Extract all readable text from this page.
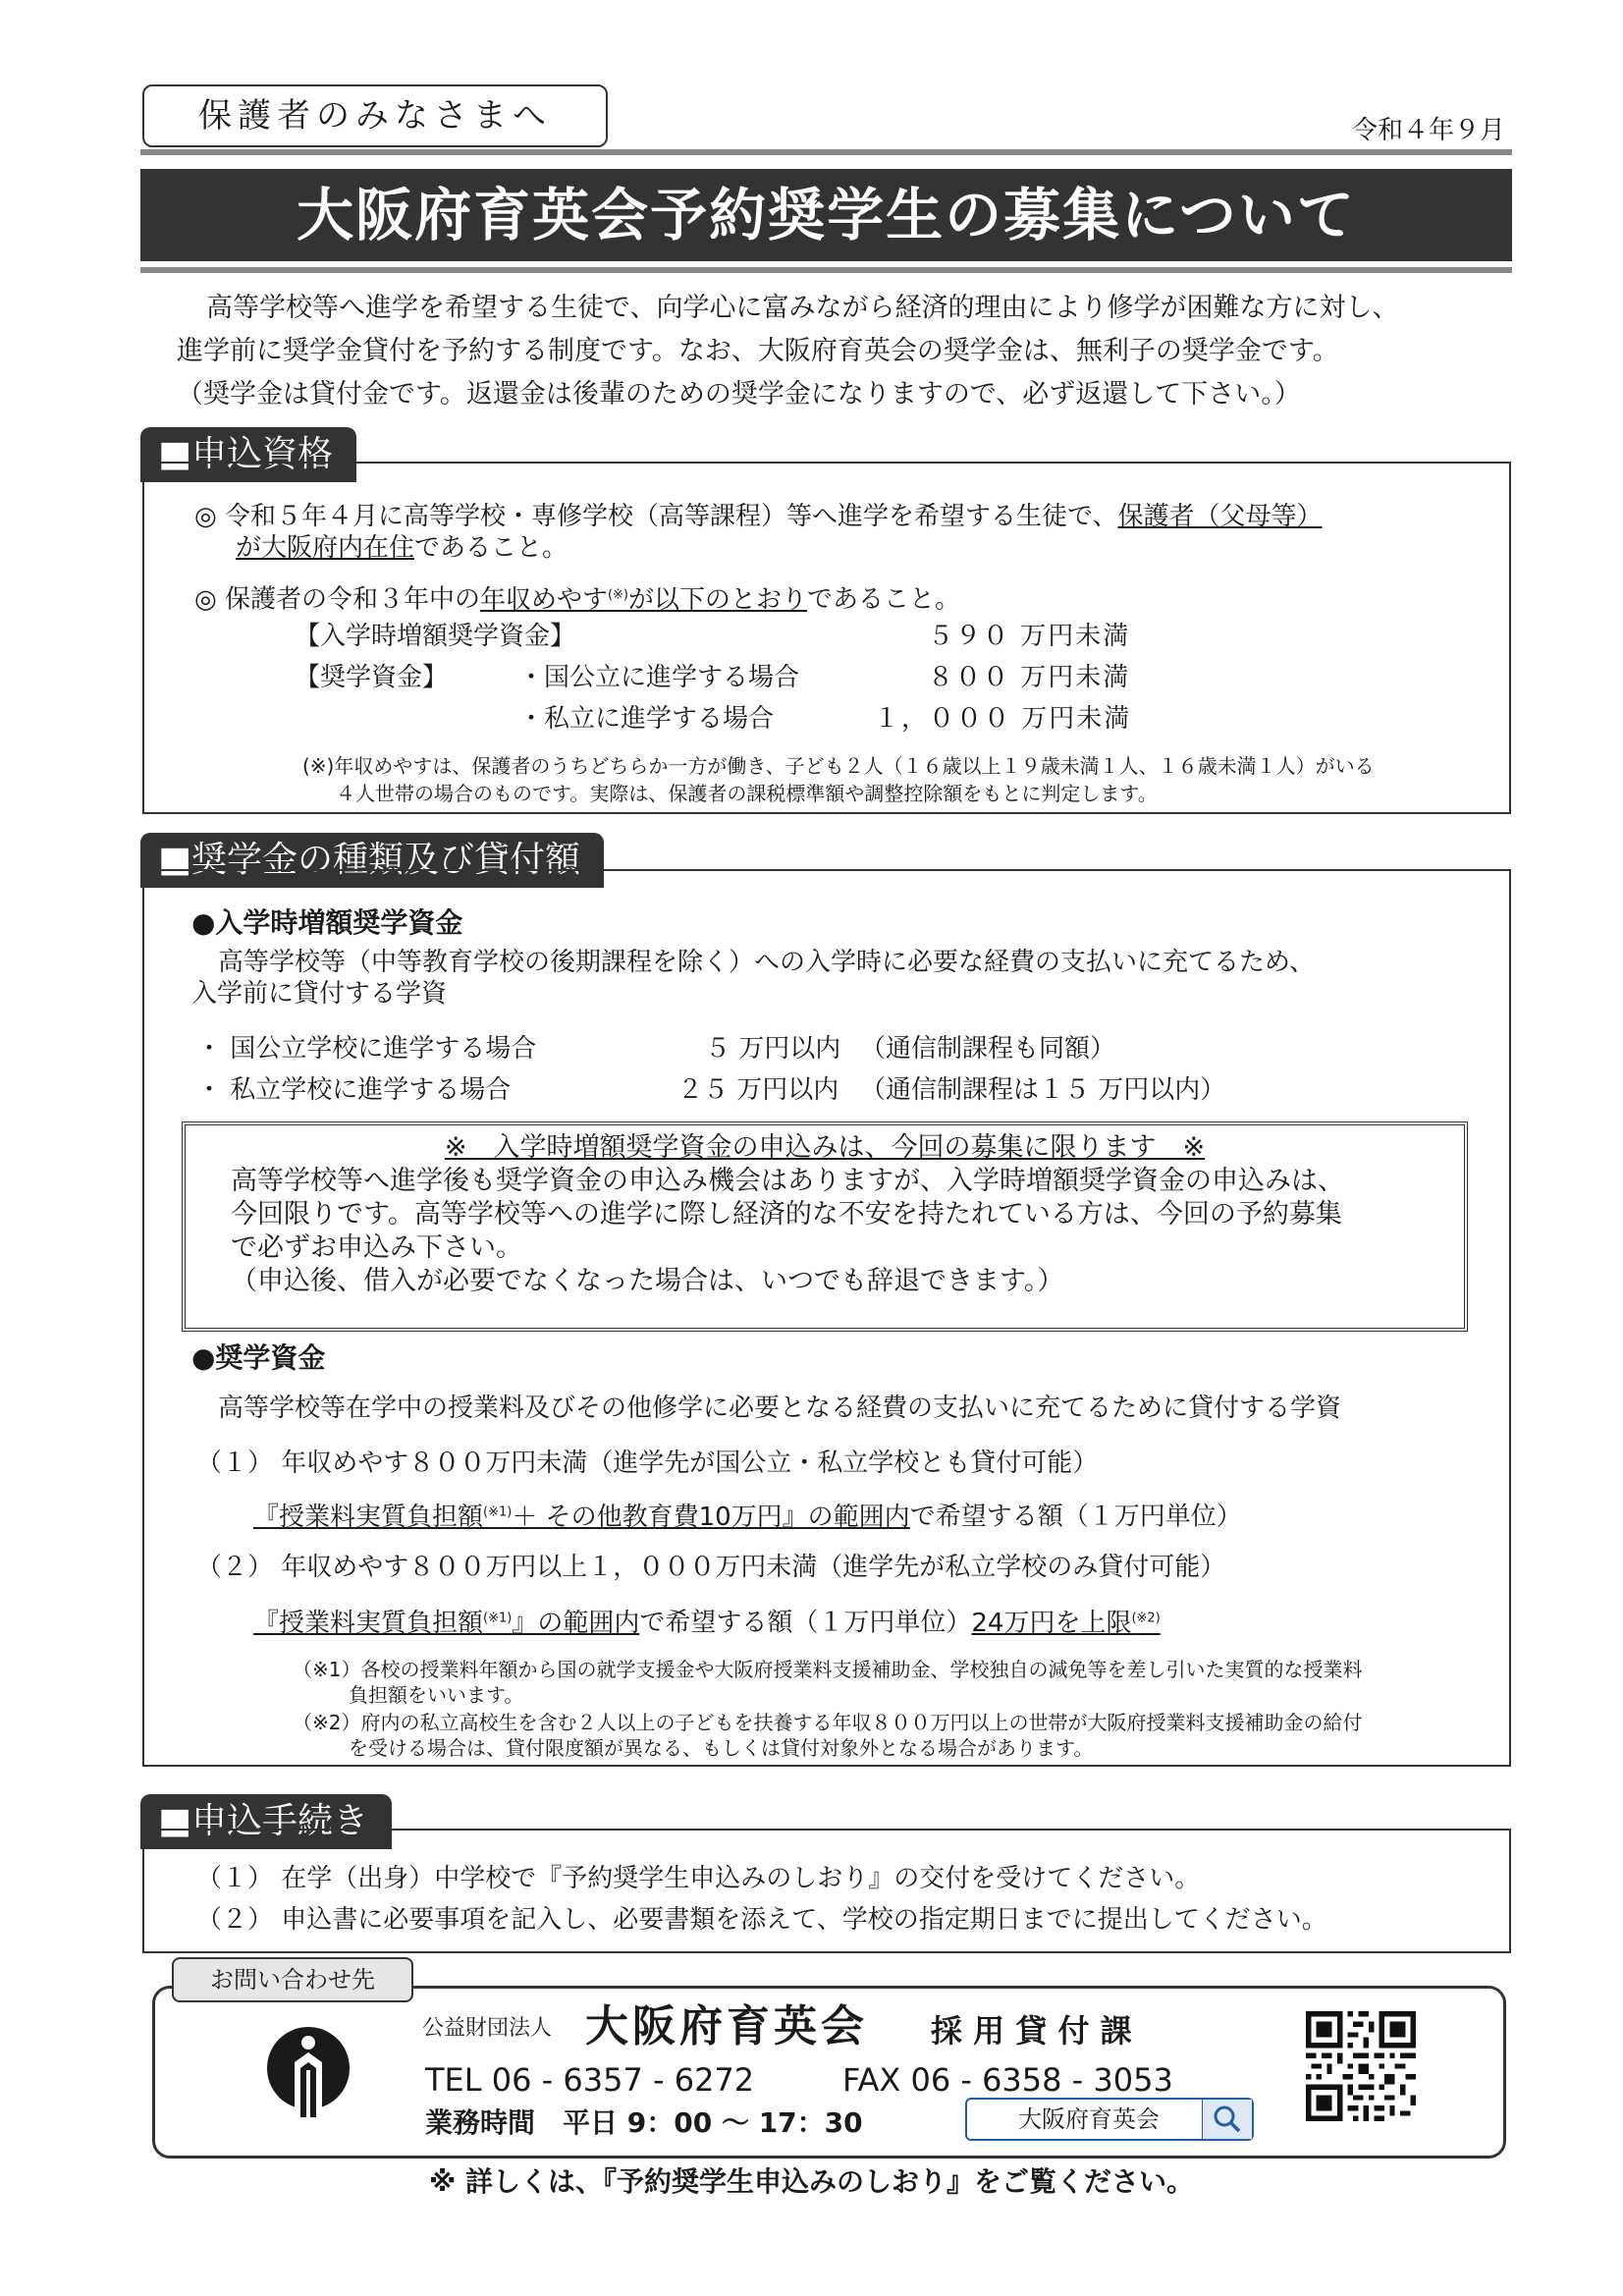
保護者のみなさまへ	令和４年９月
大阪府育英会予約奨学生の募集について

高等学校等へ進学を希望する生徒で、向学心に富みながら経済的理由により修学が困難な方に対し、

進学前に奨学金貸付を予約する制度です。なお、大阪府育英会の奨学金は、無利子の奨学金です。

（奨学金は貸付金です。返還金は後輩のための奨学金になりますので、必ず返還して下さい。）

■申込資格
◎ 令和５年４月に高等学校・専修学校（高等課程）等へ進学を希望する生徒で、保護者（父母等）
が大阪府内在住であること。
◎ 保護者の令和３年中の年収めやす(※)が以下のとおりであること。
【入学時増額奨学資金】	５９０ 万円未満
【奨学資金】	・国公立に進学する場合	８００ 万円未満
・私立に進学する場合	１，０００ 万円未満
(※)年収めやすは、保護者のうちどちらか一方が働き、子ども２人（１６歳以上１９歳未満１人、１６歳未満１人）がいる
４人世帯の場合のものです。実際は、保護者の課税標準額や調整控除額をもとに判定します。
■奨学金の種類及び貸付額
●入学時増額奨学資金
高等学校等（中等教育学校の後期課程を除く）への入学時に必要な経費の支払いに充てるため、
入学前に貸付する学資
・ 国公立学校に進学する場合	５ 万円以内 （通信制課程も同額）
・ 私立学校に進学する場合	２５ 万円以内 （通信制課程は１５ 万円以内）
※　入学時増額奨学資金の申込みは、今回の募集に限ります　※
高等学校等へ進学後も奨学資金の申込み機会はありますが、入学時増額奨学資金の申込みは、
今回限りです。高等学校等への進学に際し経済的な不安を持たれている方は、今回の予約募集
で必ずお申込み下さい。
（申込後、借入が必要でなくなった場合は、いつでも辞退できます。）
●奨学資金
高等学校等在学中の授業料及びその他修学に必要となる経費の支払いに充てるために貸付する学資
（１） 年収めやす８００万円未満（進学先が国公立・私立学校とも貸付可能）
『授業料実質負担額$^{(※1)}$＋ その他教育費10万円』の範囲内で希望する額（１万円単位）
（２） 年収めやす８００万円以上１，０００万円未満（進学先が私立学校のみ貸付可能）
『授業料実質負担額$^{(※1)}$』の範囲内で希望する額（１万円単位）24万円を上限$^{(※2)}$
（※1）各校の授業料年額から国の就学支援金や大阪府授業料支援補助金、学校独自の減免等を差し引いた実質的な授業料
負担額をいいます。
（※2）府内の私立高校生を含む２人以上の子どもを扶養する年収８００万円以上の世帯が大阪府授業料支援補助金の給付
を受ける場合は、貸付限度額が異なる、もしくは貸付対象外となる場合があります。
■申込手続き
（１） 在学（出身）中学校で『予約奨学生申込みのしおり』の交付を受けてください。
（２） 申込書に必要事項を記入し、必要書類を添えて、学校の指定期日までに提出してください。
お問い合わせ先
公益財団法人 大阪府育英会 採 用 貸 付 課
TEL 06 - 6357 - 6272	FAX 06 - 6358 - 3053
業務時間　平日 9：00 ～ 17：30	大阪府育英会
※ 詳しくは、『予約奨学生申込みのしおり』をご覧ください。
